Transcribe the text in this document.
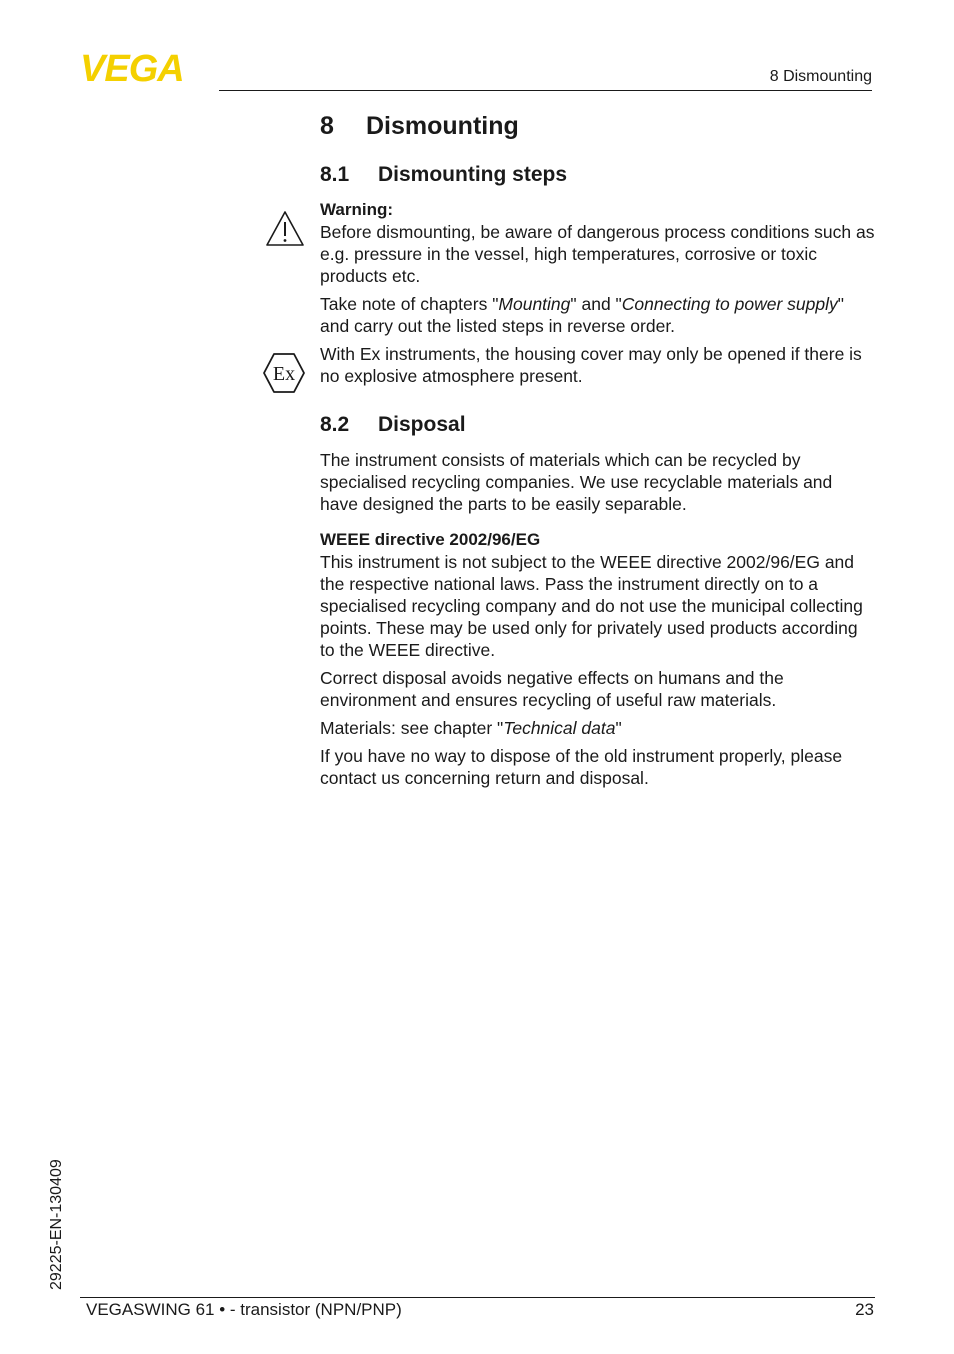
VEGA	8 Dismounting
Ex
8	Dismounting
8.1	Dismounting steps

Warning:

Before dismounting, be aware of dangerous process conditions such as e.g. pressure in the vessel, high temperatures, corrosive or toxic products etc.

Take note of chapters "Mounting" and "Connecting to power supply" and carry out the listed steps in reverse order.

With Ex instruments, the housing cover may only be opened if there is no explosive atmosphere present.

8.2	Disposal

The instrument consists of materials which can be recycled by specialised recycling companies. We use recyclable materials and have designed the parts to be easily separable.

WEEE directive 2002/96/EG

This instrument is not subject to the WEEE directive 2002/96/EG and the respective national laws. Pass the instrument directly on to a specialised recycling company and do not use the municipal collecting points. These may be used only for privately used products according to the WEEE directive.

Correct disposal avoids negative effects on humans and the environment and ensures recycling of useful raw materials.

Materials: see chapter "Technical data"

If you have no way to dispose of the old instrument properly, please contact us concerning return and disposal.

29225-EN-130409
VEGASWING 61 • - transistor (NPN/PNP)	23
